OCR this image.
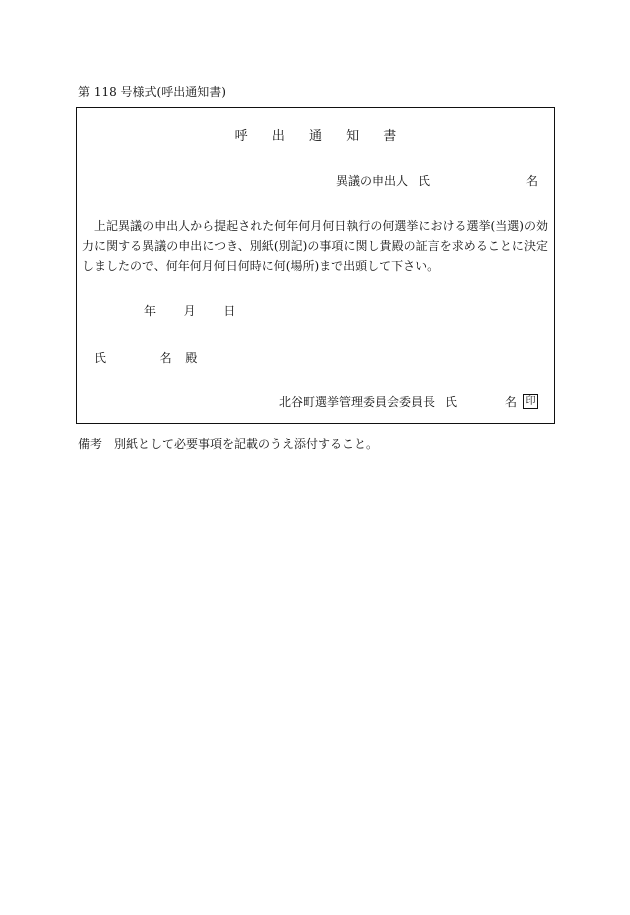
第 118 号様式(呼出通知書)
呼 出 通 知 書
異議の申出人 氏	名
上記異議の申出人から提起された何年何月何日執行の何選挙における選挙(当選)の効力に関する異議の申出につき、別紙(別記)の事項に関し貴殿の証言を求めることに決定しましたので、何年何月何日何時に何(場所)まで出頭して下さい。
年 月 日
氏	名 殿
北谷町選挙管理委員会委員長 氏	名 印
備考　別紙として必要事項を記載のうえ添付すること。
